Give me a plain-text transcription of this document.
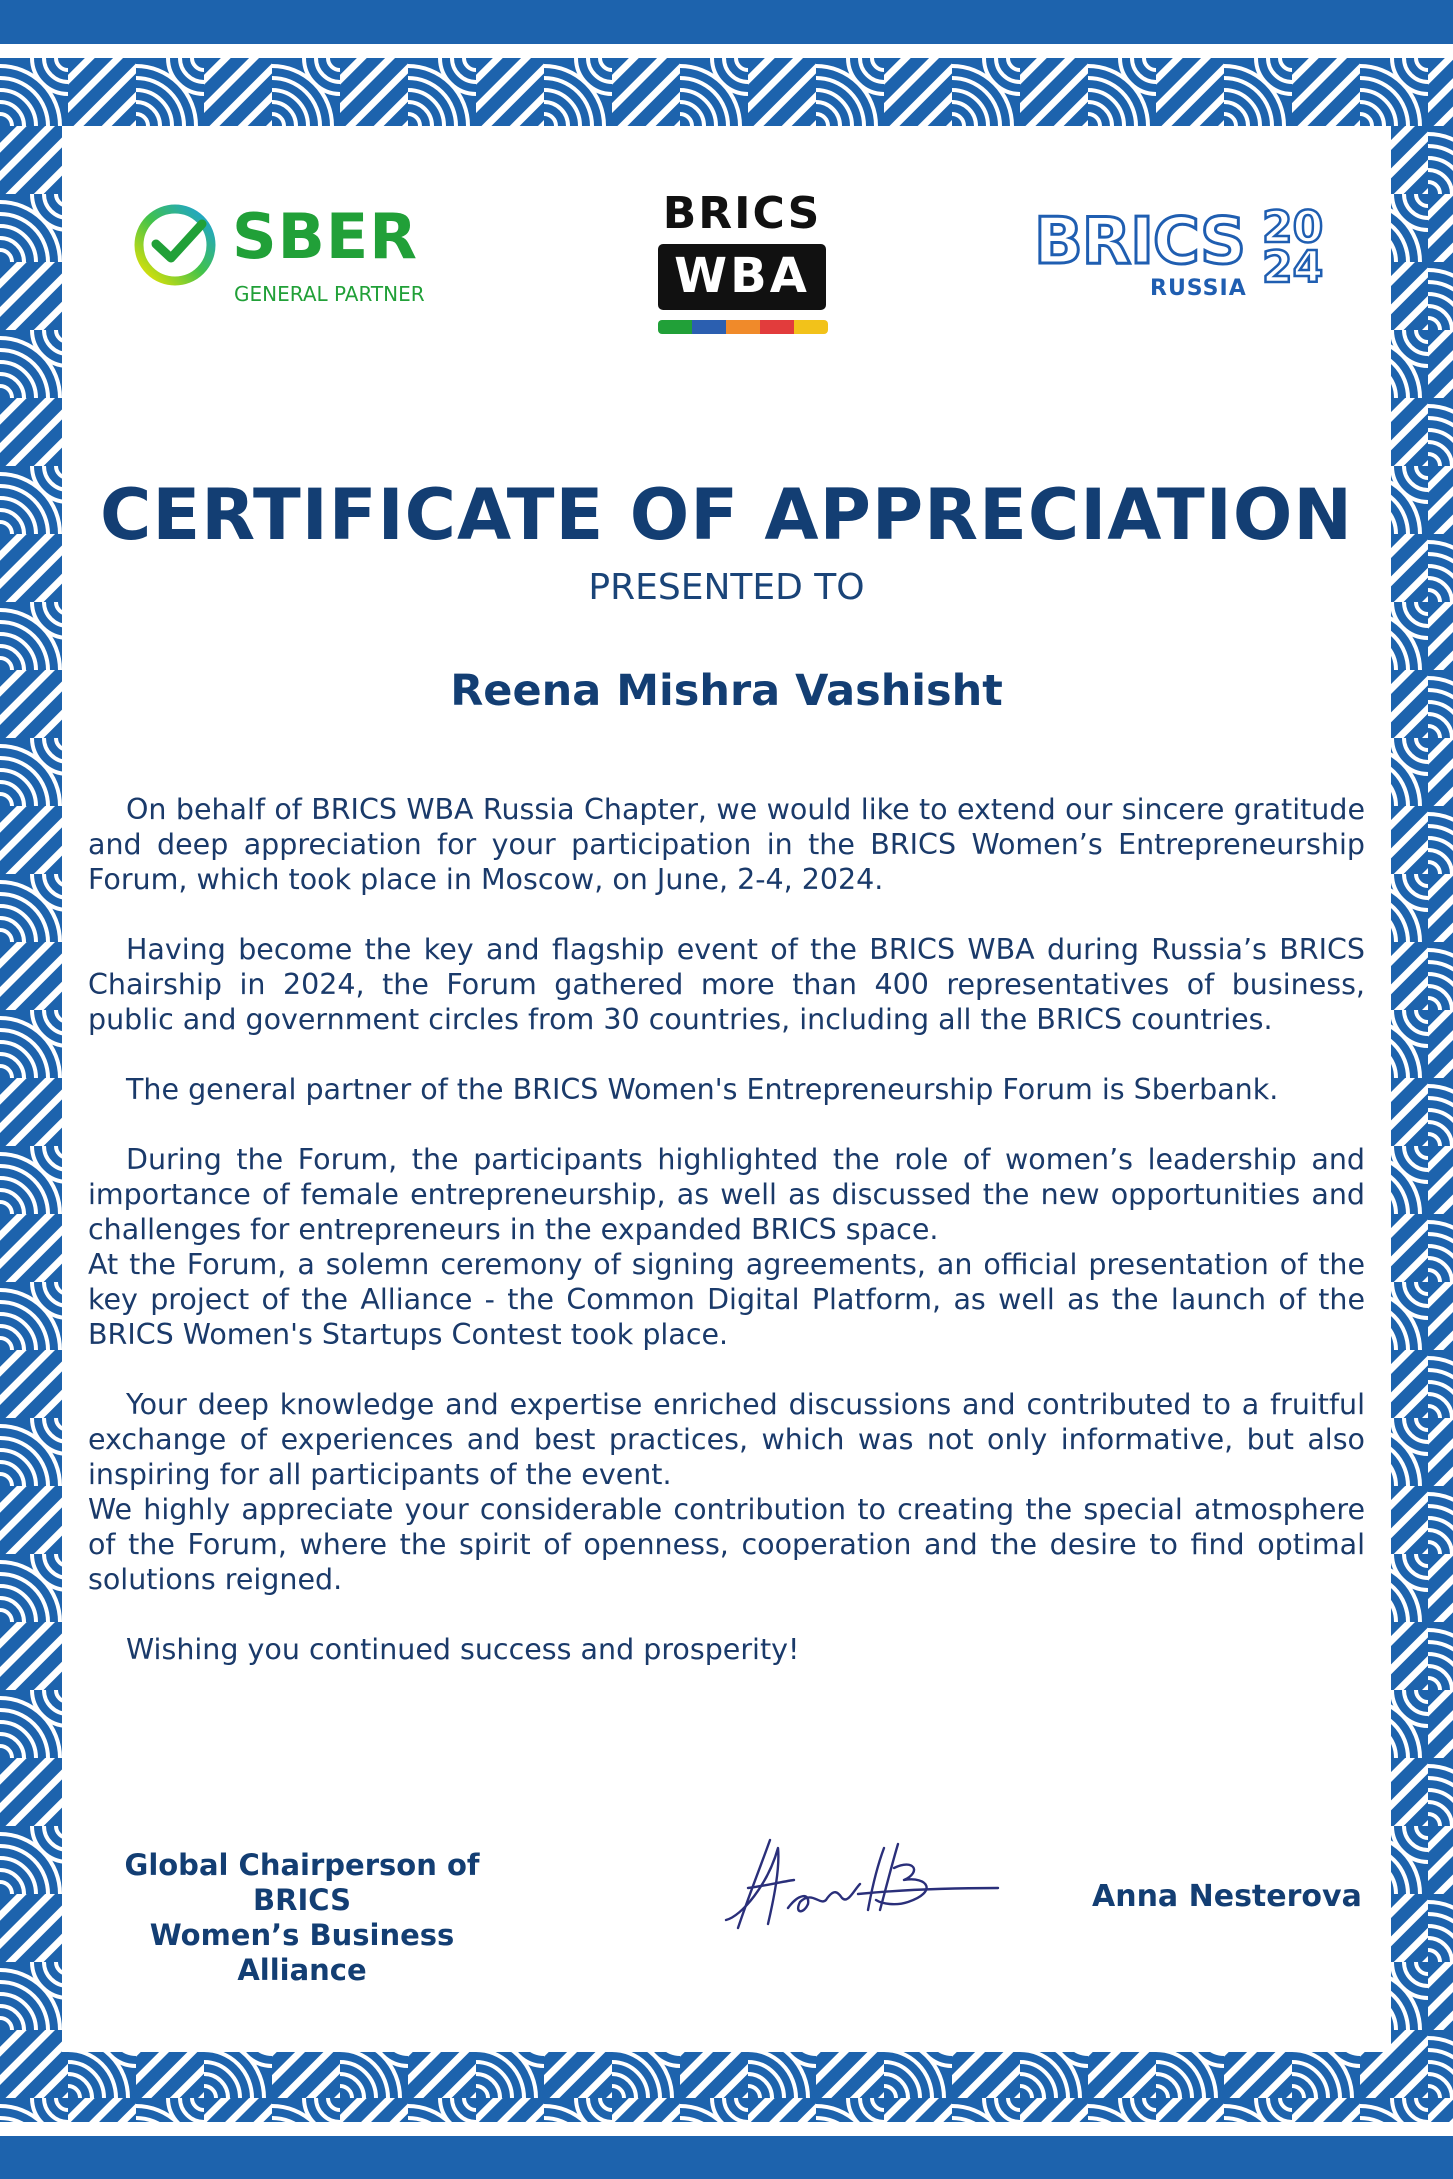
SBER
GENERAL PARTNER
BRICS
WBA	BRICS 20
24
RUSSIA
CERTIFICATE OF APPRECIATION
PRESENTED TO
Reena Mishra Vashisht

On behalf of BRICS WBA Russia Chapter, we would like to extend our sincere gratitude and deep appreciation for your participation in the BRICS Women’s Entrepreneurship Forum, which took place in Moscow, on June, 2-4, 2024.

Having become the key and flagship event of the BRICS WBA during Russia’s BRICS Chairship in 2024, the Forum gathered more than 400 representatives of business, public and government circles from 30 countries, including all the BRICS countries.

The general partner of the BRICS Women's Entrepreneurship Forum is Sberbank.

During the Forum, the participants highlighted the role of women’s leadership and importance of female entrepreneurship, as well as discussed the new opportunities and challenges for entrepreneurs in the expanded BRICS space.

At the Forum, a solemn ceremony of signing agreements, an official presentation of the key project of the Alliance - the Common Digital Platform, as well as the launch of the BRICS Women's Startups Contest took place.

Your deep knowledge and expertise enriched discussions and contributed to a fruitful exchange of experiences and best practices, which was not only informative, but also inspiring for all participants of the event.

We highly appreciate your considerable contribution to creating the special atmosphere of the Forum, where the spirit of openness, cooperation and the desire to find optimal solutions reigned.

Wishing you continued success and prosperity!

Global Chairperson of BRICS
Women’s Business Alliance
Anna Nesterova
